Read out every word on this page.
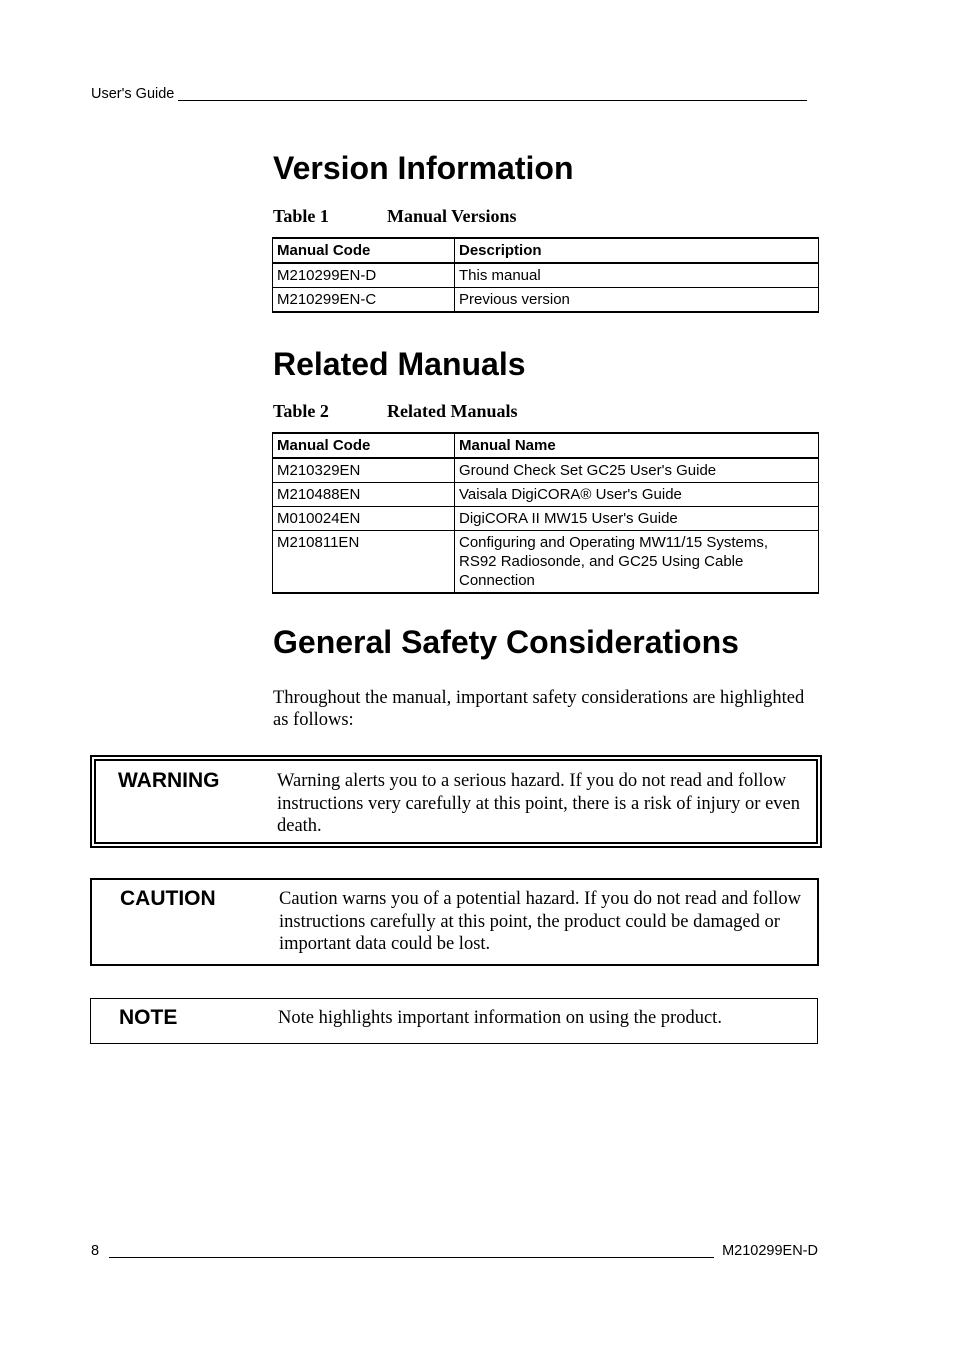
User's Guide
Version Information
Table 1	Manual Versions
Manual Code	Description
M210299EN-D	This manual
M210299EN-C	Previous version
Related Manuals
Table 2	Related Manuals
Manual Code	Manual Name
M210329EN	Ground Check Set GC25 User's Guide
M210488EN	Vaisala DigiCORA® User's Guide
M010024EN	DigiCORA II MW15 User's Guide
M210811EN	Configuring and Operating MW11/15 Systems, RS92 Radiosonde, and GC25 Using Cable Connection
General Safety Considerations
Throughout the manual, important safety considerations are highlighted as follows:
WARNING	Warning alerts you to a serious hazard. If you do not read and follow instructions very carefully at this point, there is a risk of injury or even death.
CAUTION	Caution warns you of a potential hazard. If you do not read and follow instructions carefully at this point, the product could be damaged or important data could be lost.
NOTE	Note highlights important information on using the product.
8	M210299EN-D
